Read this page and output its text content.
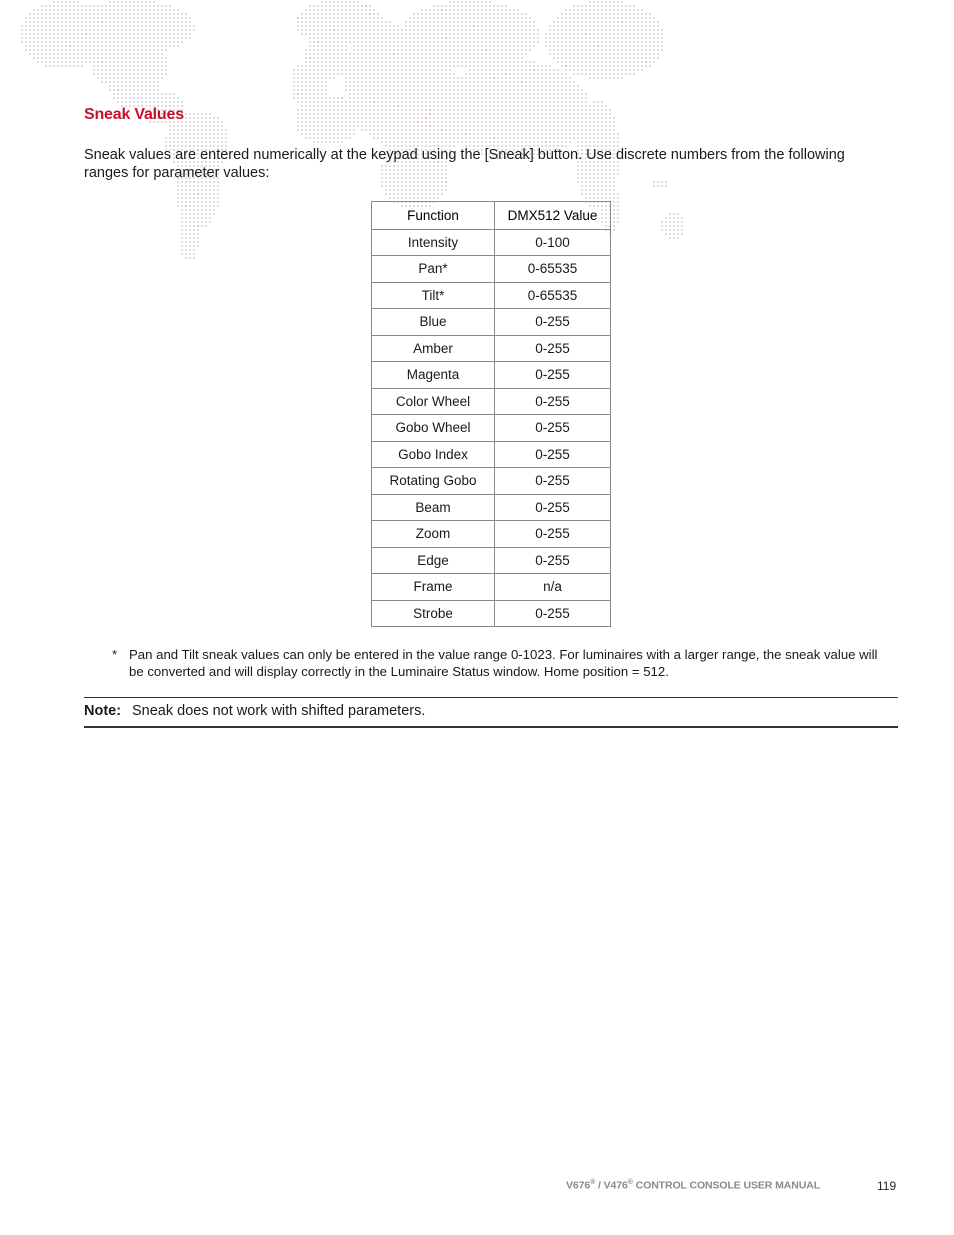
Sneak Values

Sneak values are entered numerically at the keypad using the [Sneak] button. Use discrete numbers from the following ranges for parameter values:

Function	DMX512 Value
Intensity	0-100
Pan*	0-65535
Tilt*	0-65535
Blue	0-255
Amber	0-255
Magenta	0-255
Color Wheel	0-255
Gobo Wheel	0-255
Gobo Index	0-255
Rotating Gobo	0-255
Beam	0-255
Zoom	0-255
Edge	0-255
Frame	n/a
Strobe	0-255
* Pan and Tilt sneak values can only be entered in the value range 0-1023. For luminaires with a larger range, the sneak value will be converted and will display correctly in the Luminaire Status window. Home position = 512.
Note: Sneak does not work with shifted parameters.
V676® / V476® CONTROL CONSOLE USER MANUAL	119
